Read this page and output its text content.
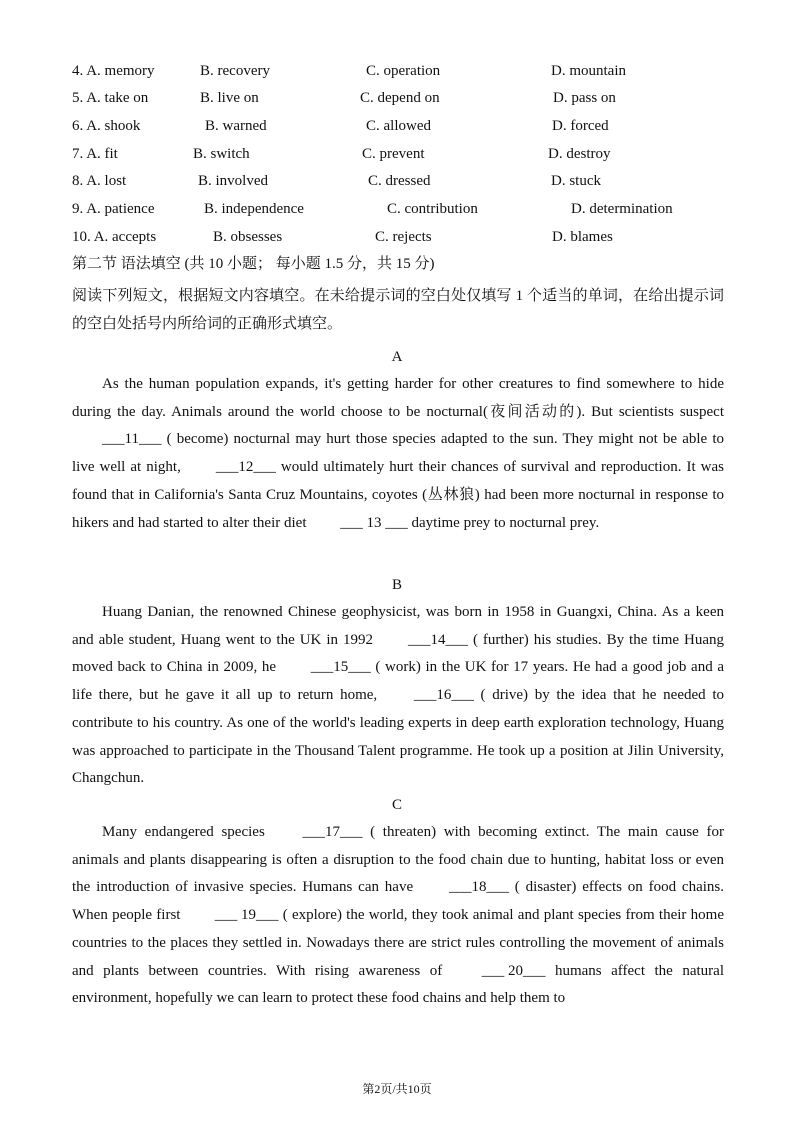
4. A. memory	B. recovery	C. operation	D. mountain
5. A. take on	B. live on	C. depend on	D. pass on
6. A. shook	B. warned	C. allowed	D. forced
7. A. fit	B. switch	C. prevent	D. destroy
8. A. lost	B. involved	C. dressed	D. stuck
9. A. patience	B. independence	C. contribution	D. determination
10. A. accepts	B. obsesses	C. rejects	D. blames
第二节 语法填空 (共 10 小题； 每小题 1.5 分，共 15 分)
阅读下列短文，根据短文内容填空。在未给提示词的空白处仅填写 1 个适当的单词，在给出提示词的空白处括号内所给词的正确形式填空。
A

As the human population expands, it's getting harder for other creatures to find somewhere to hide during the day. Animals around the world choose to be nocturnal(夜间活动的). But scientists suspect ___11___ ( become) nocturnal may hurt those species adapted to the sun. They might not be able to live well at night, ___12___ would ultimately hurt their chances of survival and reproduction. It was found that in California's Santa Cruz Mountains, coyotes (丛林狼) had been more nocturnal in response to hikers and had started to alter their diet ___ 13 ___ daytime prey to nocturnal prey.

B

Huang Danian, the renowned Chinese geophysicist, was born in 1958 in Guangxi, China. As a keen and able student, Huang went to the UK in 1992 ___14___ ( further) his studies. By the time Huang moved back to China in 2009, he ___15___ ( work) in the UK for 17 years. He had a good job and a life there, but he gave it all up to return home, ___16___ ( drive) by the idea that he needed to contribute to his country. As one of the world's leading experts in deep earth exploration technology, Huang was approached to participate in the Thousand Talent programme. He took up a position at Jilin University, Changchun.

C

Many endangered species ___17___ ( threaten) with becoming extinct. The main cause for animals and plants disappearing is often a disruption to the food chain due to hunting, habitat loss or even the introduction of invasive species. Humans can have ___18___ ( disaster) effects on food chains. When people first ___ 19___ ( explore) the world, they took animal and plant species from their home countries to the places they settled in. Nowadays there are strict rules controlling the movement of animals and plants between countries. With rising awareness of ___ 20___ humans affect the natural environment, hopefully we can learn to protect these food chains and help them to

第2页/共10页
